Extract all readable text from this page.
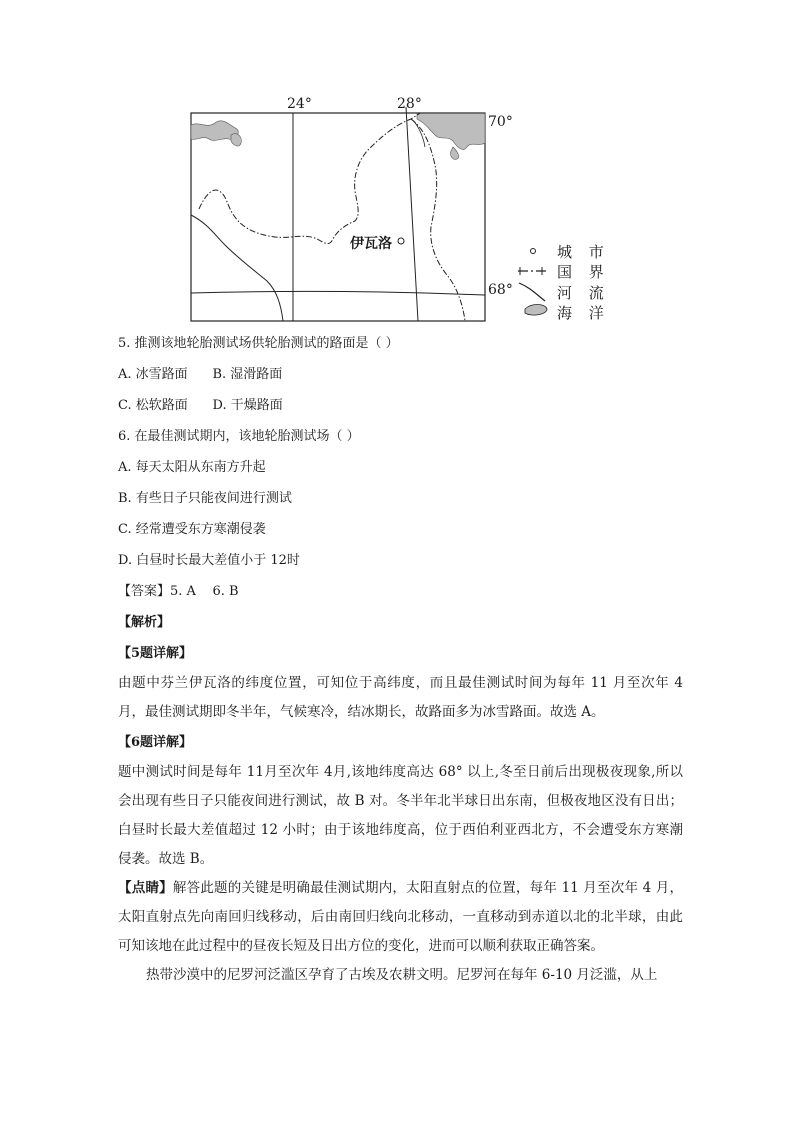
24°	28°
70°
68°
伊瓦洛	城 市
国 界
河 流
海 洋
5. 推测该地轮胎测试场供轮胎测试的路面是（ ）
A. 冰雪路面      B. 湿滑路面
C. 松软路面      D. 干燥路面
6. 在最佳测试期内，该地轮胎测试场（ ）
A. 每天太阳从东南方升起
B. 有些日子只能夜间进行测试
C. 经常遭受东方寒潮侵袭
D. 白昼时长最大差值小于 12时
【答案】5. A    6. B
【解析】
【5题详解】
由题中芬兰伊瓦洛的纬度位置，可知位于高纬度，而且最佳测试时间为每年 11 月至次年 4 月，最佳测试期即冬半年，气候寒冷，结冰期长，故路面多为冰雪路面。故选 A。
【6题详解】
题中测试时间是每年 11月至次年 4月,该地纬度高达 68° 以上,冬至日前后出现极夜现象,所以会出现有些日子只能夜间进行测试，故 B 对。冬半年北半球日出东南，但极夜地区没有日出；白昼时长最大差值超过 12 小时；由于该地纬度高，位于西伯利亚西北方，不会遭受东方寒潮侵袭。故选 B。
【点睛】解答此题的关键是明确最佳测试期内，太阳直射点的位置，每年 11 月至次年 4 月，太阳直射点先向南回归线移动，后由南回归线向北移动，一直移动到赤道以北的北半球，由此可知该地在此过程中的昼夜长短及日出方位的变化，进而可以顺利获取正确答案。
热带沙漠中的尼罗河泛滥区孕育了古埃及农耕文明。尼罗河在每年 6-10 月泛滥，从上
